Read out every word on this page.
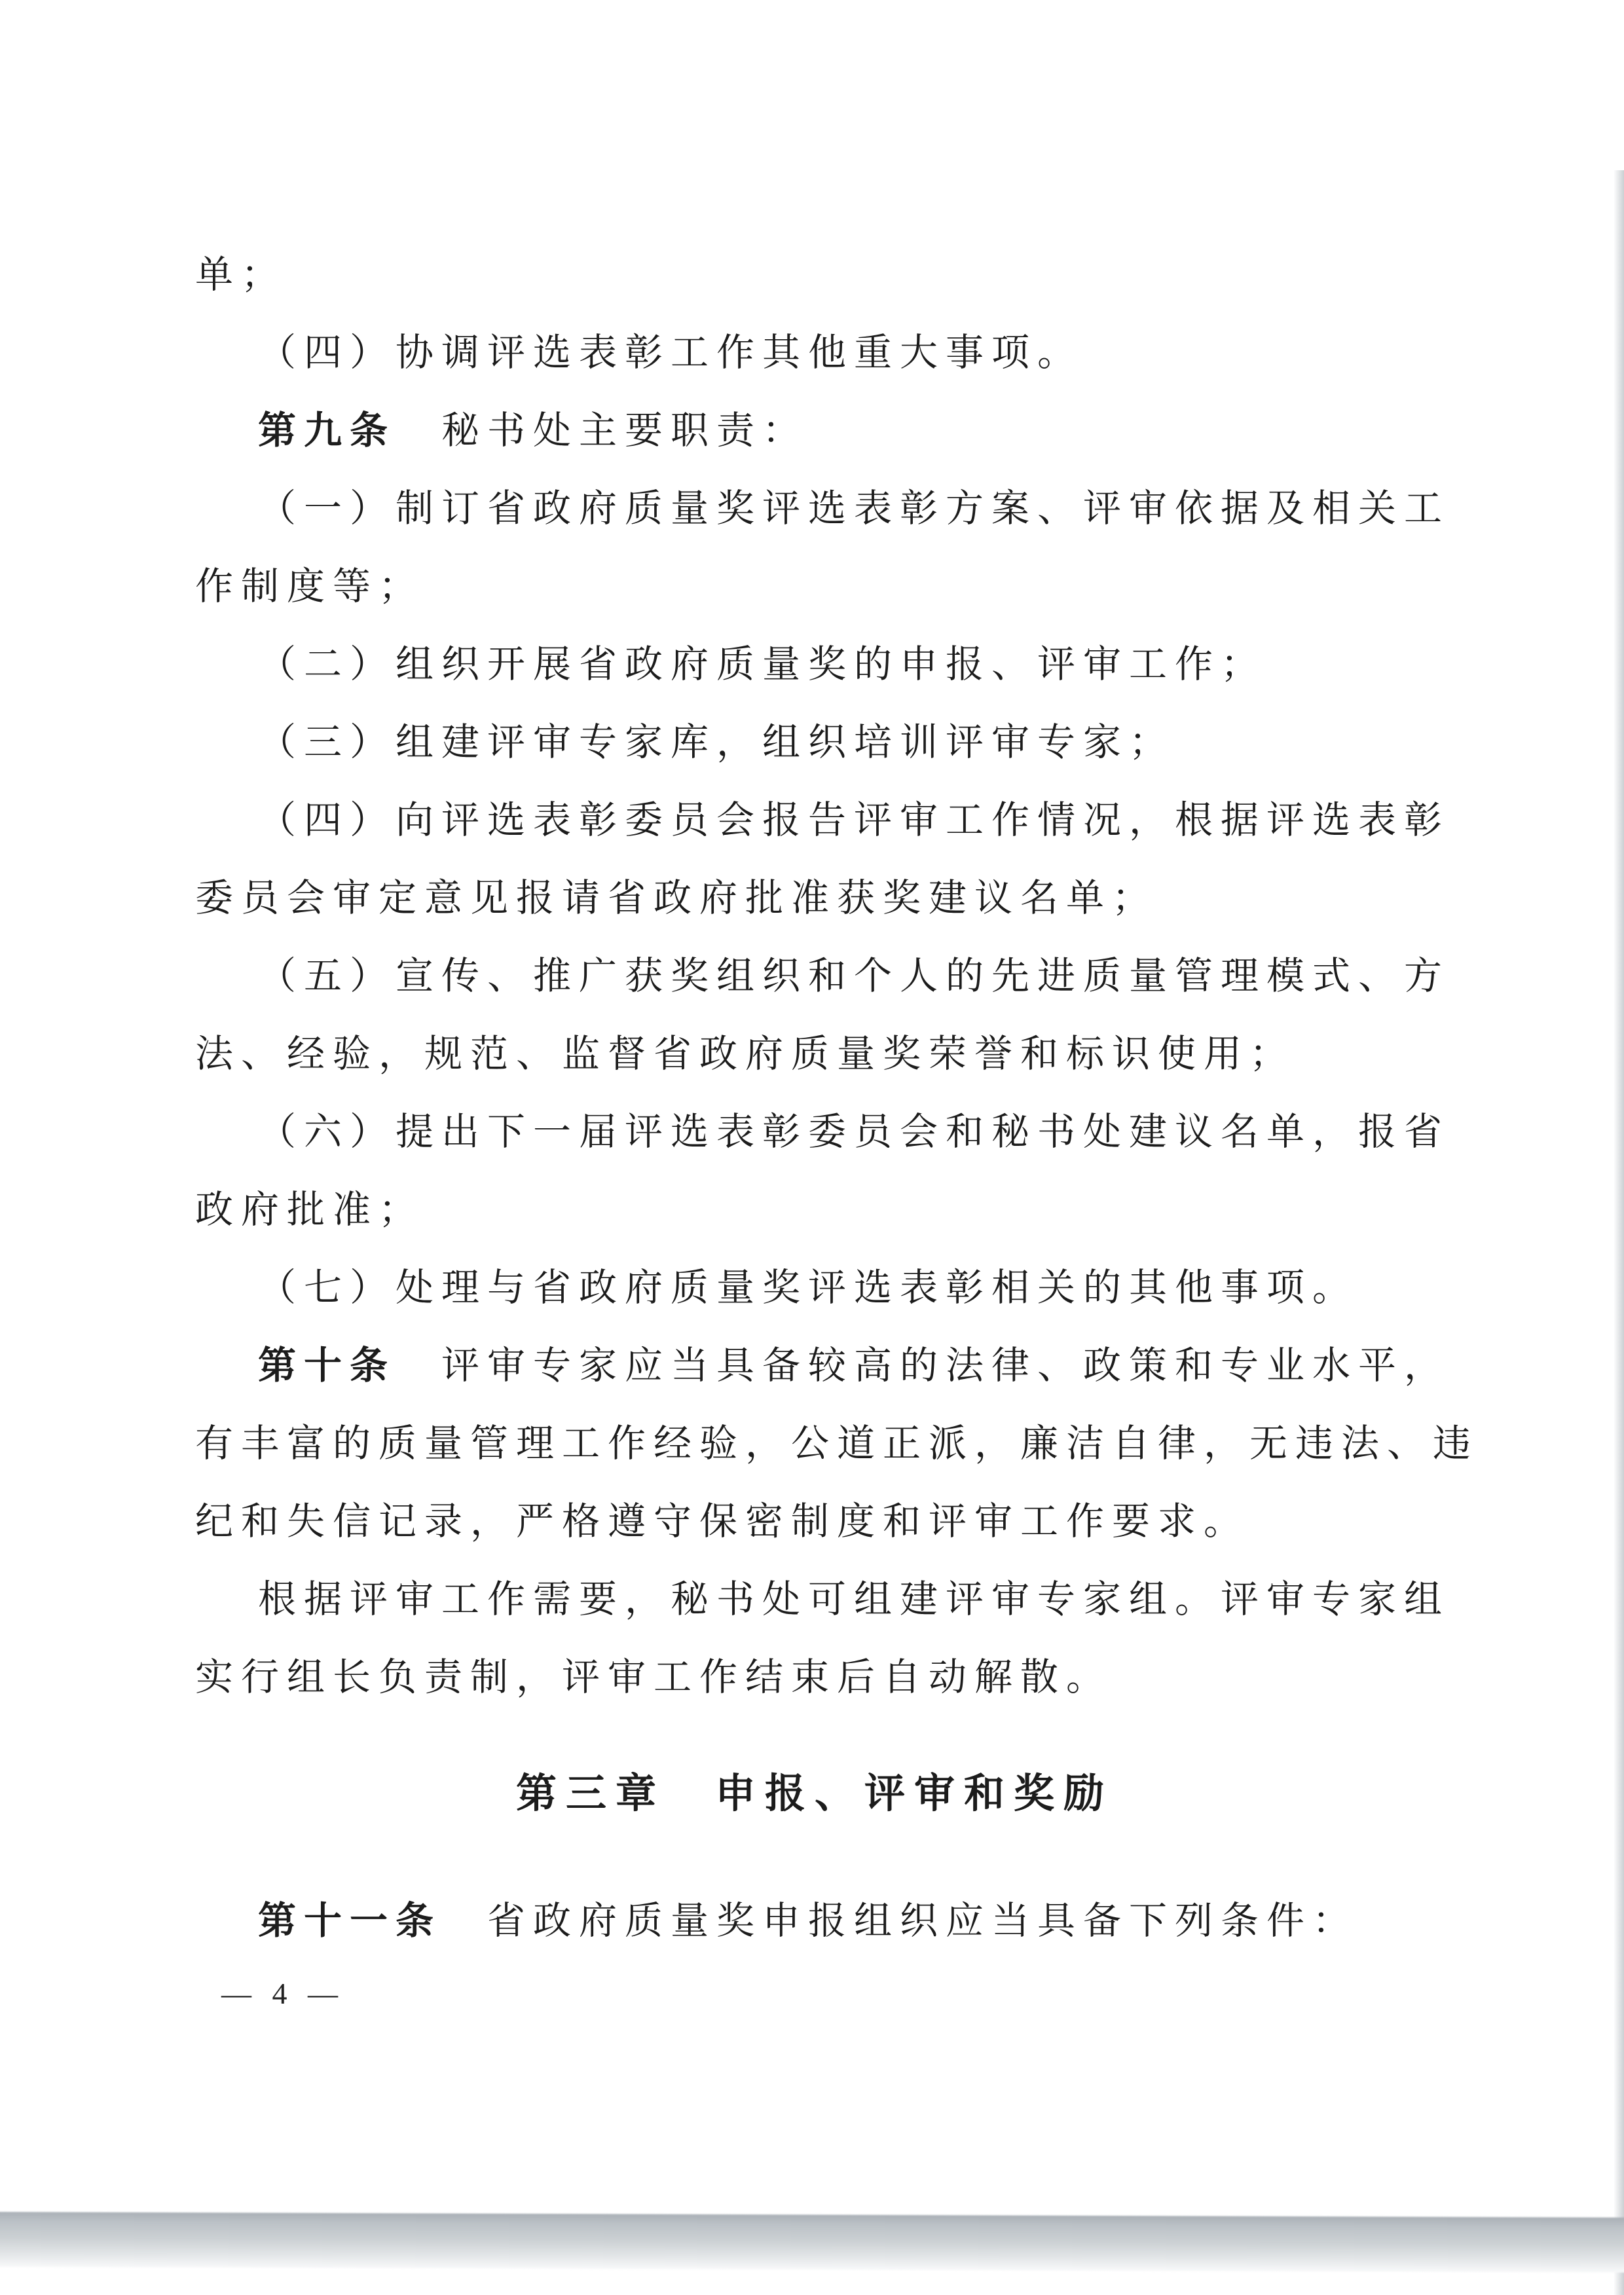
单；
（四）协调评选表彰工作其他重大事项。
第九条　秘书处主要职责：
（一）制订省政府质量奖评选表彰方案、评审依据及相关工
作制度等；
（二）组织开展省政府质量奖的申报、评审工作；
（三）组建评审专家库，组织培训评审专家；
（四）向评选表彰委员会报告评审工作情况，根据评选表彰
委员会审定意见报请省政府批准获奖建议名单；
（五）宣传、推广获奖组织和个人的先进质量管理模式、方
法、经验，规范、监督省政府质量奖荣誉和标识使用；
（六）提出下一届评选表彰委员会和秘书处建议名单，报省
政府批准；
（七）处理与省政府质量奖评选表彰相关的其他事项。
第十条　评审专家应当具备较高的法律、政策和专业水平，
有丰富的质量管理工作经验，公道正派，廉洁自律，无违法、违
纪和失信记录，严格遵守保密制度和评审工作要求。
根据评审工作需要，秘书处可组建评审专家组。评审专家组
实行组长负责制，评审工作结束后自动解散。
第三章　申报、评审和奖励
第十一条　省政府质量奖申报组织应当具备下列条件：
— 4 —
